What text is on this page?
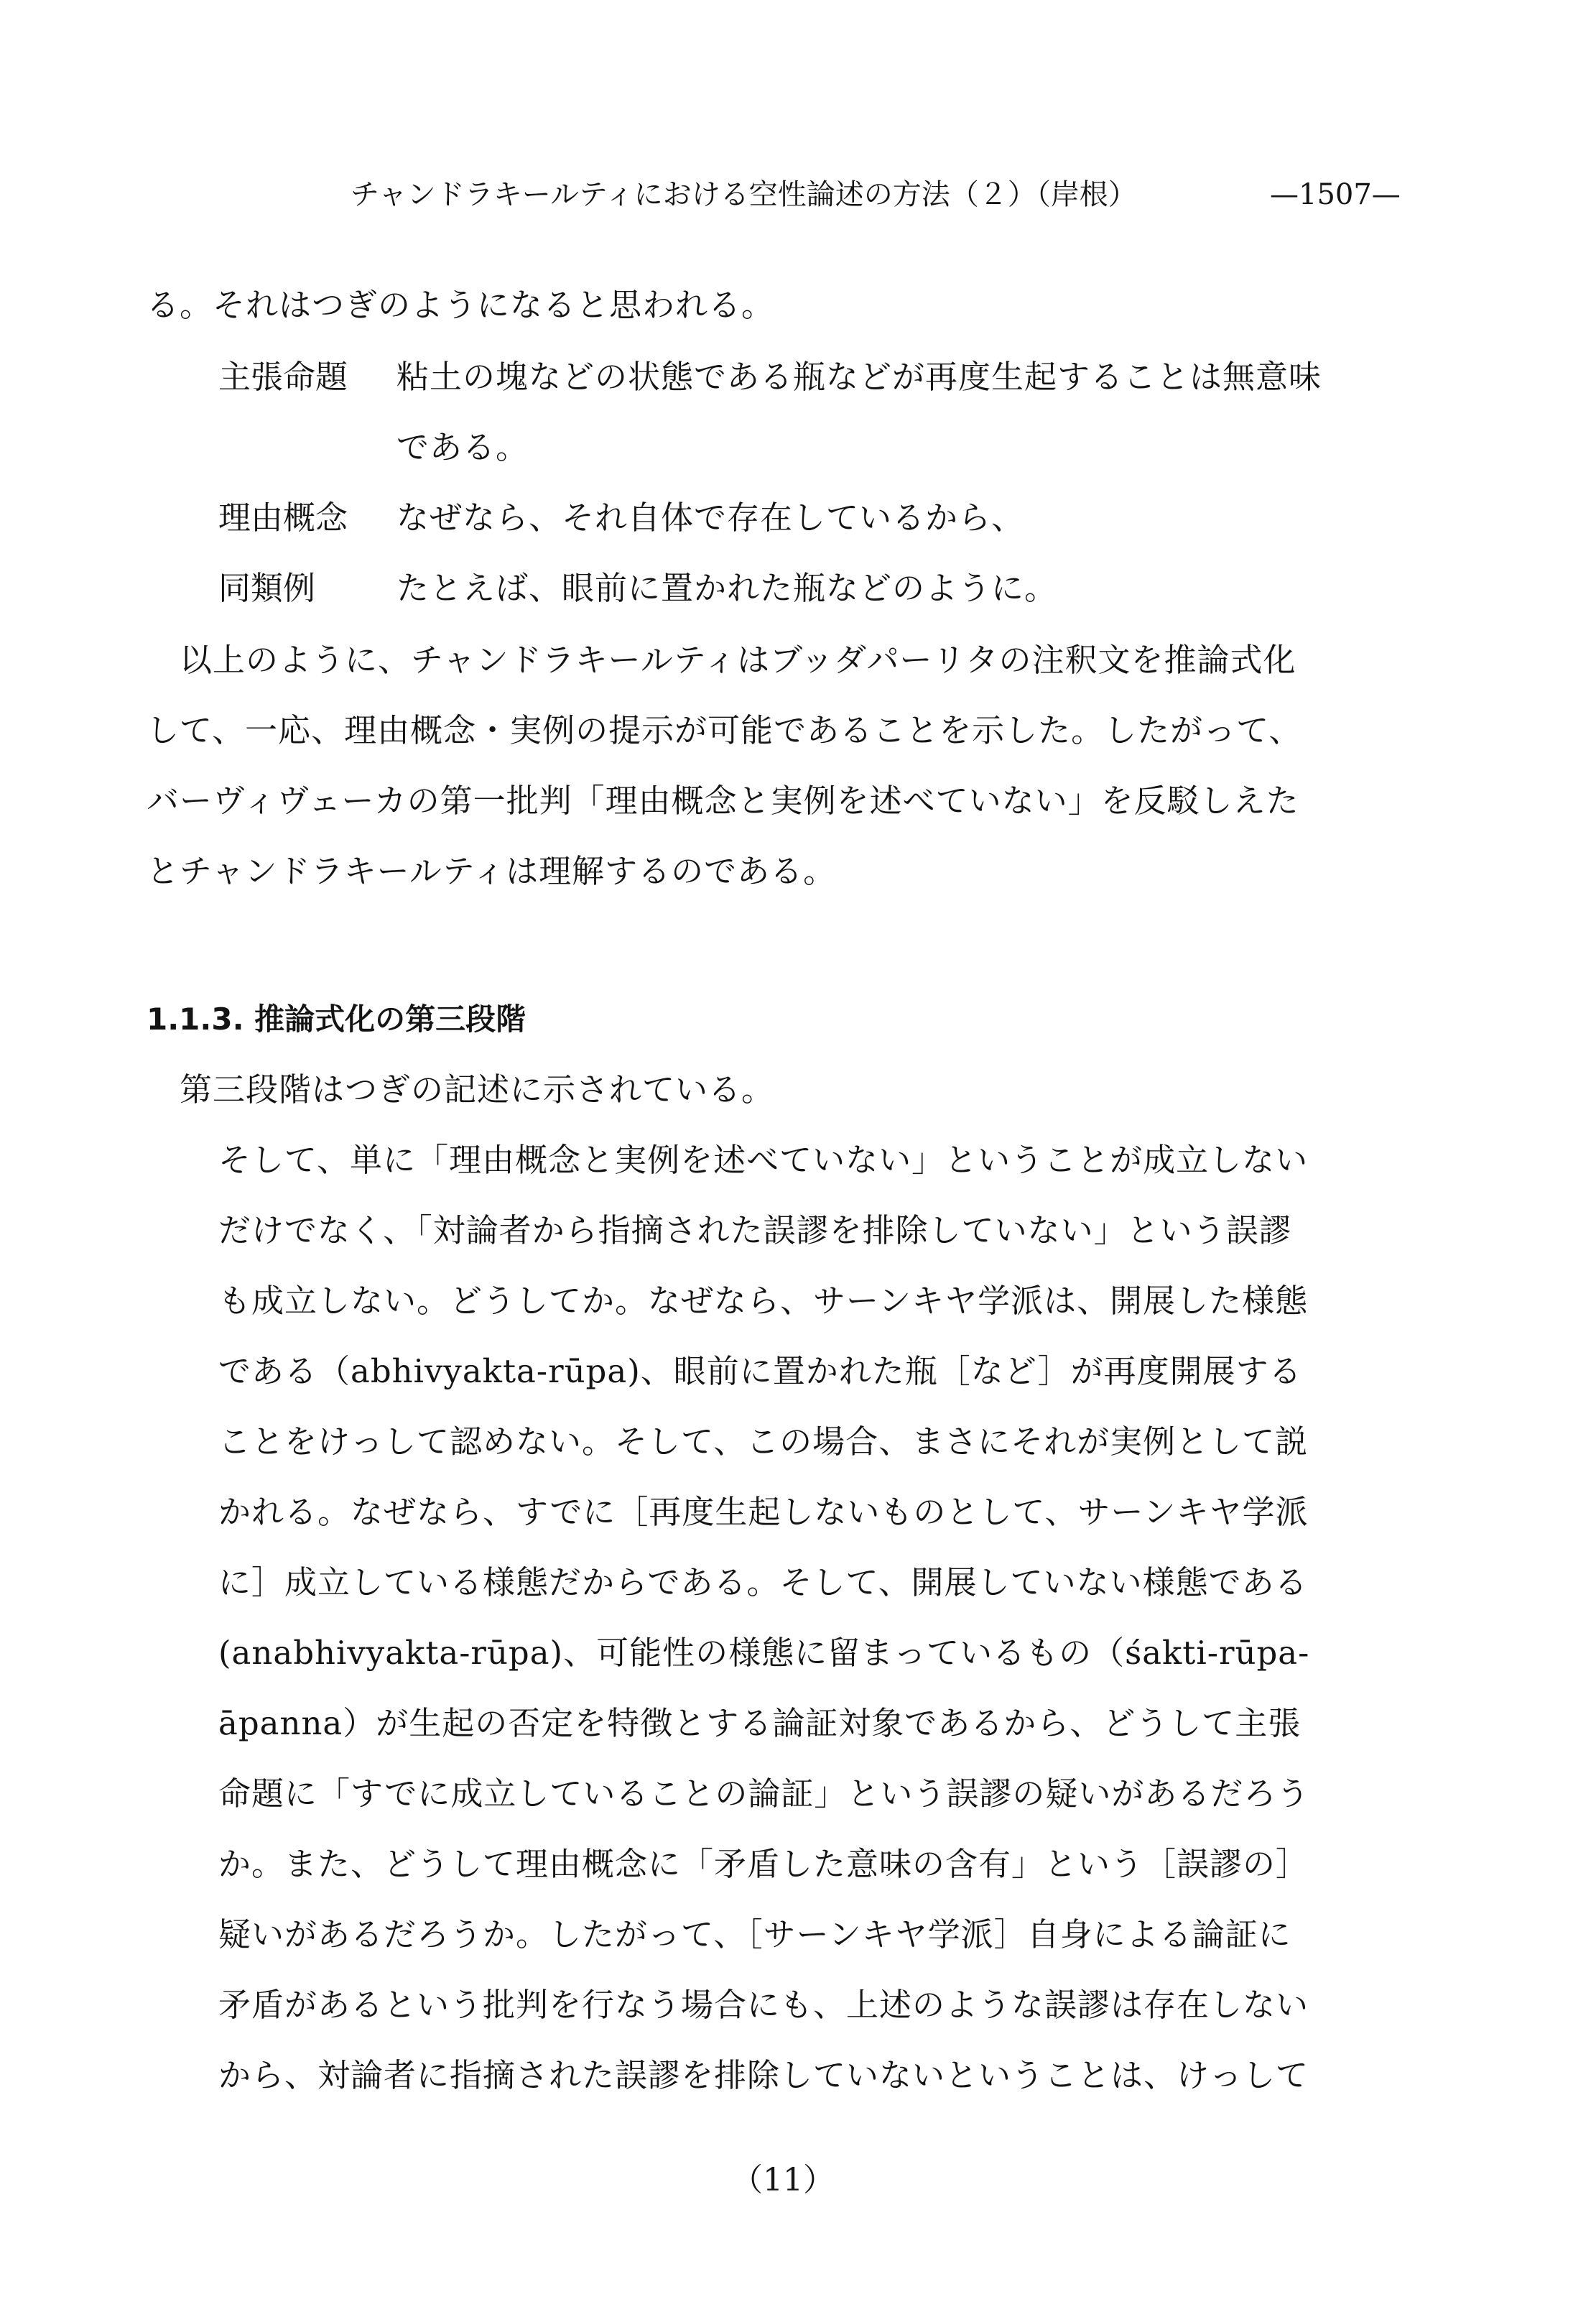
チャンドラキールティにおける空性論述の方法（２）（岸根）	—1507—
る。それはつぎのようになると思われる。
主張命題 粘土の塊などの状態である瓶などが再度生起することは無意味
である。
理由概念 なぜなら、それ自体で存在しているから、
同類例	たとえば、眼前に置かれた瓶などのように。
以上のように、チャンドラキールティはブッダパーリタの注釈文を推論式化
して、一応、理由概念・実例の提示が可能であることを示した。したがって、
バーヴィヴェーカの第一批判「理由概念と実例を述べていない」を反駁しえた
とチャンドラキールティは理解するのである。
1.1.3. 推論式化の第三段階
第三段階はつぎの記述に示されている。
そして、単に「理由概念と実例を述べていない」ということが成立しない
だけでなく、「対論者から指摘された誤謬を排除していない」という誤謬
も成立しない。どうしてか。なぜなら、サーンキヤ学派は、開展した様態
である（abhivyakta-rūpa)、眼前に置かれた瓶［など］が再度開展する
ことをけっして認めない。そして、この場合、まさにそれが実例として説
かれる。なぜなら、すでに［再度生起しないものとして、サーンキヤ学派
に］成立している様態だからである。そして、開展していない様態である
(anabhivyakta-rūpa)、可能性の様態に留まっているもの（śakti-rūpa-
āpanna）が生起の否定を特徴とする論証対象であるから、どうして主張
命題に「すでに成立していることの論証」という誤謬の疑いがあるだろう
か。また、どうして理由概念に「矛盾した意味の含有」という［誤謬の］
疑いがあるだろうか。したがって、［サーンキヤ学派］自身による論証に
矛盾があるという批判を行なう場合にも、上述のような誤謬は存在しない
から、対論者に指摘された誤謬を排除していないということは、けっして
（11）
